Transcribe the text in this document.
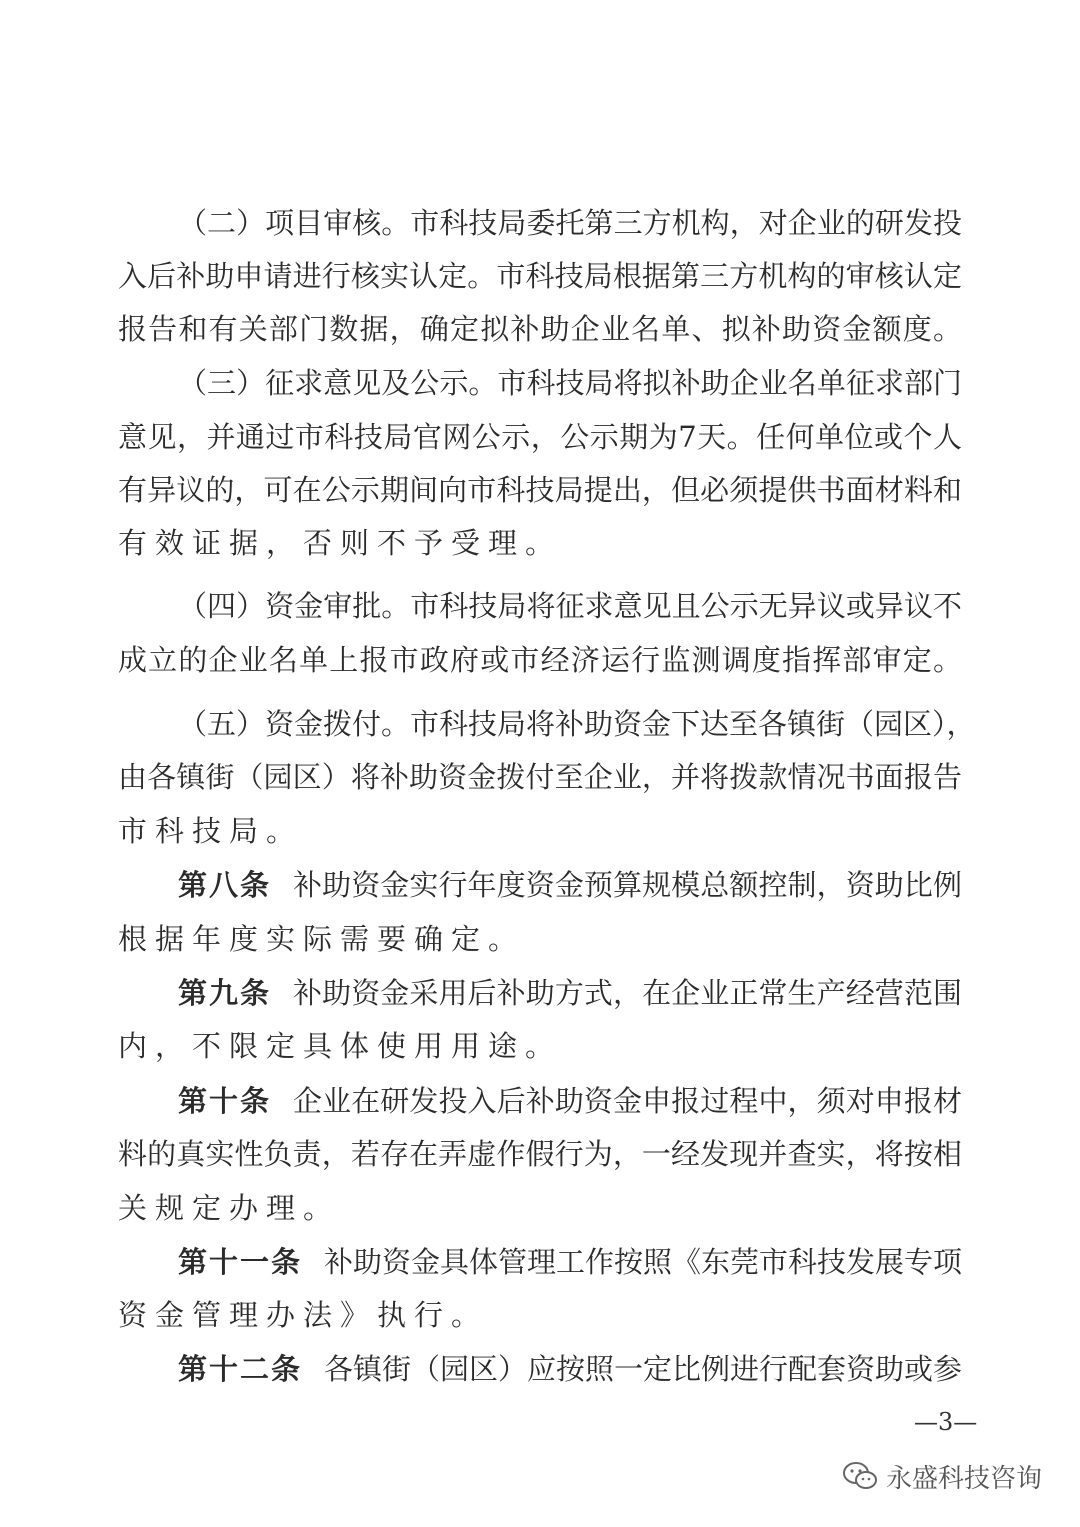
（二）项目审核。市科技局委托第三方机构，对企业的研发投
入后补助申请进行核实认定。市科技局根据第三方机构的审核认定
报告和有关部门数据，确定拟补助企业名单、拟补助资金额度。
（三）征求意见及公示。市科技局将拟补助企业名单征求部门
意见，并通过市科技局官网公示，公示期为7天。任何单位或个人
有异议的，可在公示期间向市科技局提出，但必须提供书面材料和
有效证据，否则不予受理。
（四）资金审批。市科技局将征求意见且公示无异议或异议不
成立的企业名单上报市政府或市经济运行监测调度指挥部审定。
（五）资金拨付。市科技局将补助资金下达至各镇街（园区），
由各镇街（园区）将补助资金拨付至企业，并将拨款情况书面报告
市科技局。
第八条 补助资金实行年度资金预算规模总额控制，资助比例
根据年度实际需要确定。
第九条 补助资金采用后补助方式，在企业正常生产经营范围
内，不限定具体使用用途。
第十条 企业在研发投入后补助资金申报过程中，须对申报材
料的真实性负责，若存在弄虚作假行为，一经发现并查实，将按相
关规定办理。
第十一条 补助资金具体管理工作按照《东莞市科技发展专项
资金管理办法》执行。
第十二条 各镇街（园区）应按照一定比例进行配套资助或参
—3—
永盛科技咨询
